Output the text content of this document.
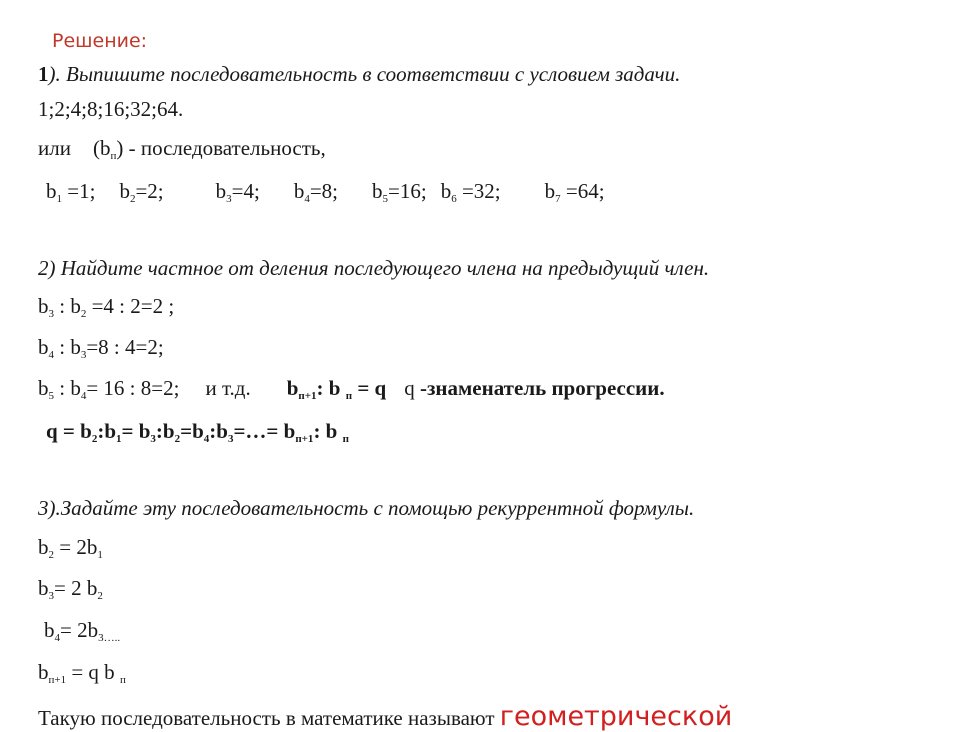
Решение:
1). Выпишите последовательность в соответствии с условием задачи.
1;2;4;8;16;32;64.
или $(b_п)$ - последовательность,
$b_1 =1$; $b_2=2$; $b_3=4$; $b_4=8$; $b_5=16$; $b_6 =32$; $b_7 =64$;
2) Найдите частное от деления последующего члена на предыдущий член.
$b_3$ : $b_2 =4$ : 2=2 ;
$b_4$ : $b_3=8$ : 4=2;
$b_5$ : $b_4= 16$ : 8=2; и т.д. $b_{п+1}$: b $_п$ = q q -знаменатель прогрессии.
$q = b_2:b_1=$ $b_3:b_2=b_4:b_3=\dots= b_{п+1}$: b $_п$
3).Задайте эту последовательность с помощью рекуррентной формулы.
$b_2 = 2b_1$
$b_3= 2$ $b_2$
$b_4= 2b_{3\dots..}$
$b_{п+1} = q$ b $_п$
Такую последовательность в математике называют геометрической
